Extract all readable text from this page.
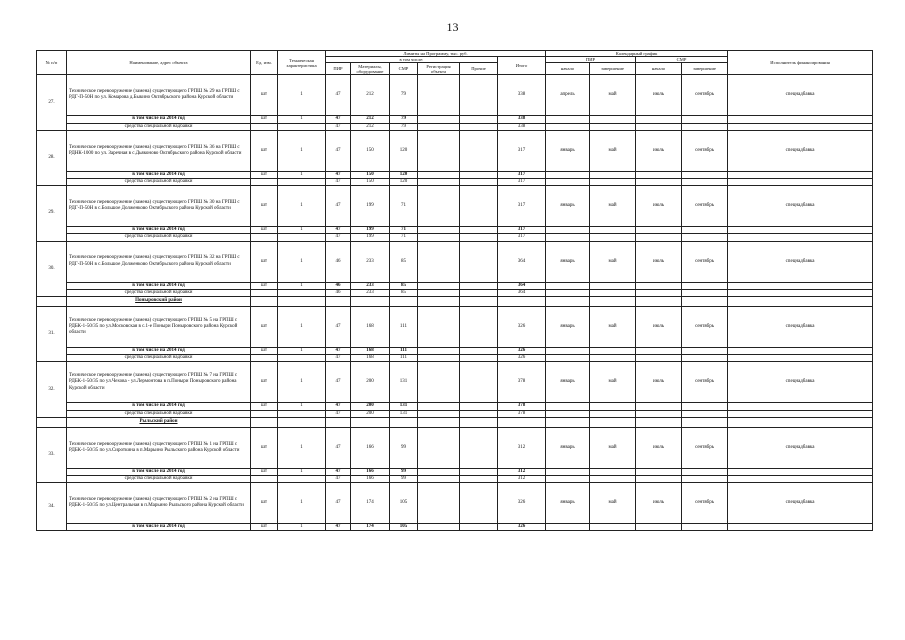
13
№ п/п	Наименование, адрес объекта	Ед. изм.	Техническая характеристика	Лимиты на Программу, тыс. руб.						Календарный график				Исполнитель финансирования
				в том числе:					Итого	ПИР		СМР		
				ПИР	Материалы, оборудование	СМР	Регистрация объекта	Прочие		начало	завершение	начало	завершение	
27.	Техническое перевооружение (замена) существующего ГРПШ № 29 на ГРПШ с РДГ-П-50Н по ул. Комарова д.Быкино Октябрьского района Курской области	шт	1	47	212	79			338	апрель	май	июль	сентябрь	спецнадбавка
	в том числе на 2014 год	шт	1	47	212	79			338					
	средства специальной надбавки			47	212	79			338					
28.	Техническое перевооружение (замена) существующего ГРПШ № 36 на ГРПШ с РДНК-1000 по ул. Заречная в с.Дьяконово Октябрьского района Курской области	шт	1	47	150	120			317	январь	май	июль	сентябрь	спецнадбавка
	в том числе на 2014 год	шт	1	47	150	120			317					
	средства специальной надбавки			47	150	120			317					
29.	Техническое перевооружение (замена) существующего ГРПШ № 30 на ГРПШ с РДГ-П-50Н в с.Большое Долженково Октябрьского района Курской области	шт	1	47	199	71			317	январь	май	июль	сентябрь	спецнадбавка
	в том числе на 2014 год	шт	1	47	199	71			317					
	средства специальной надбавки			47	199	71			317					
30.	Техническое перевооружение (замена) существующего ГРПШ № 32 на ГРПШ с РДГ-П-50Н в с.Большое Долженково Октябрьского района Курской области	шт	1	46	233	85			364	январь	май	июль	сентябрь	спецнадбавка
	в том числе на 2014 год	шт	1	46	233	85			364					
	средства специальной надбавки			46	233	85			364					
	Поныровский район													
31.	Техническое перевооружение (замена) существующего ГРПШ № 5 на ГРПШ с РДБК-1-50/35 по ул.Московская в с.1-е Поныри Поныровского района Курской области	шт	1	47	168	111			326	январь	май	июль	сентябрь	спецнадбавка
	в том числе на 2014 год	шт	1	47	168	111			326					
	средства специальной надбавки			47	168	111			326					
32.	Техническое перевооружение (замена) существующего ГРПШ № 7 на ГРПШ с РДБК-1-50/35 по ул.Чехова - ул.Лермонтова в п.Поныри Поныровского района Курской области	шт	1	47	200	131			378	январь	май	июль	сентябрь	спецнадбавка
	в том числе на 2014 год	шт	1	47	200	131			378					
	средства специальной надбавки			47	200	131			378					
	Рыльский район													
33.	Техническое перевооружение (замена) существующего ГРПШ № 1 на ГРПШ с РДБК-1-50/35 по ул.Сироткина в п.Марьино Рыльского района Курской области	шт	1	47	166	99			312	январь	май	июль	сентябрь	спецнадбавка
	в том числе на 2014 год	шт	1	47	166	99			312					
	средства специальной надбавки			47	166	99			312					
34.	Техническое перевооружение (замена) существующего ГРПШ № 2 на ГРПШ с РДБК-1-50/35 по ул.Центральная в п.Марьино Рыльского района Курской области	шт	1	47	174	105			326	январь	май	июль	сентябрь	спецнадбавка
	в том числе на 2014 год	шт	1	47	174	105			326					
